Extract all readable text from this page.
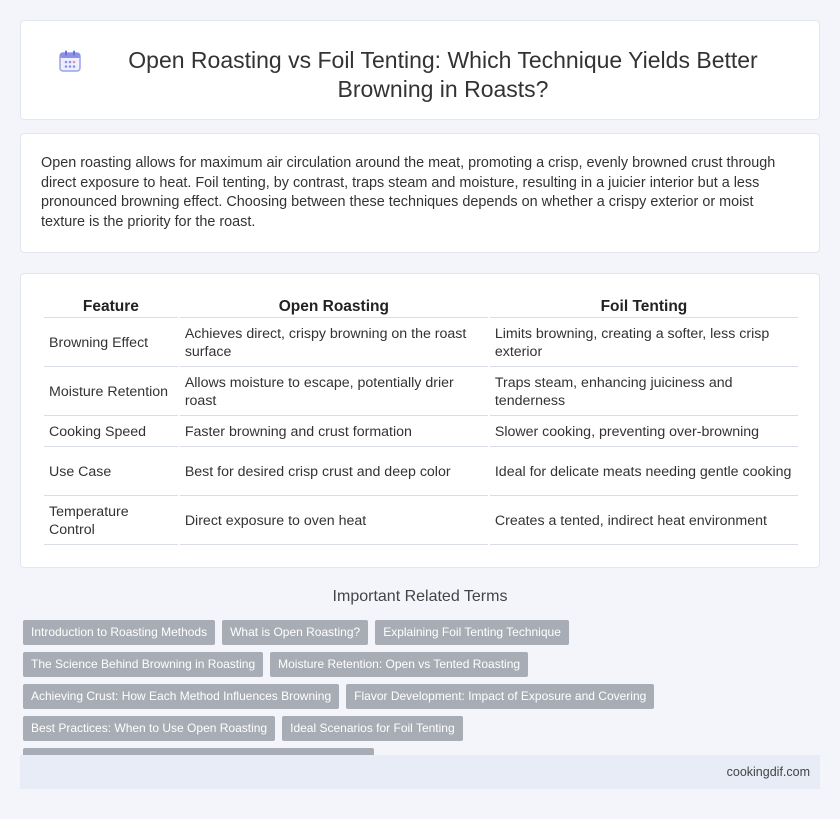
Open Roasting vs Foil Tenting: Which Technique Yields Better Browning in Roasts?

Open roasting allows for maximum air circulation around the meat, promoting a crisp, evenly browned crust through direct exposure to heat. Foil tenting, by contrast, traps steam and moisture, resulting in a juicier interior but a less pronounced browning effect. Choosing between these techniques depends on whether a crispy exterior or moist texture is the priority for the roast.

Feature	Open Roasting	Foil Tenting
Browning Effect	Achieves direct, crispy browning on the roast surface	Limits browning, creating a softer, less crisp exterior
Moisture Retention	Allows moisture to escape, potentially drier roast	Traps steam, enhancing juiciness and tenderness
Cooking Speed	Faster browning and crust formation	Slower cooking, preventing over-browning
Use Case	Best for desired crisp crust and deep color	Ideal for delicate meats needing gentle cooking
Temperature Control	Direct exposure to oven heat	Creates a tented, indirect heat environment
Important Related Terms
Introduction to Roasting Methods	What is Open Roasting?	Explaining Foil Tenting Technique
The Science Behind Browning in Roasting	Moisture Retention: Open vs Tented Roasting
Achieving Crust: How Each Method Influences Browning	Flavor Development: Impact of Exposure and Covering
Best Practices: When to Use Open Roasting	Ideal Scenarios for Foil Tenting
cookingdif.com
